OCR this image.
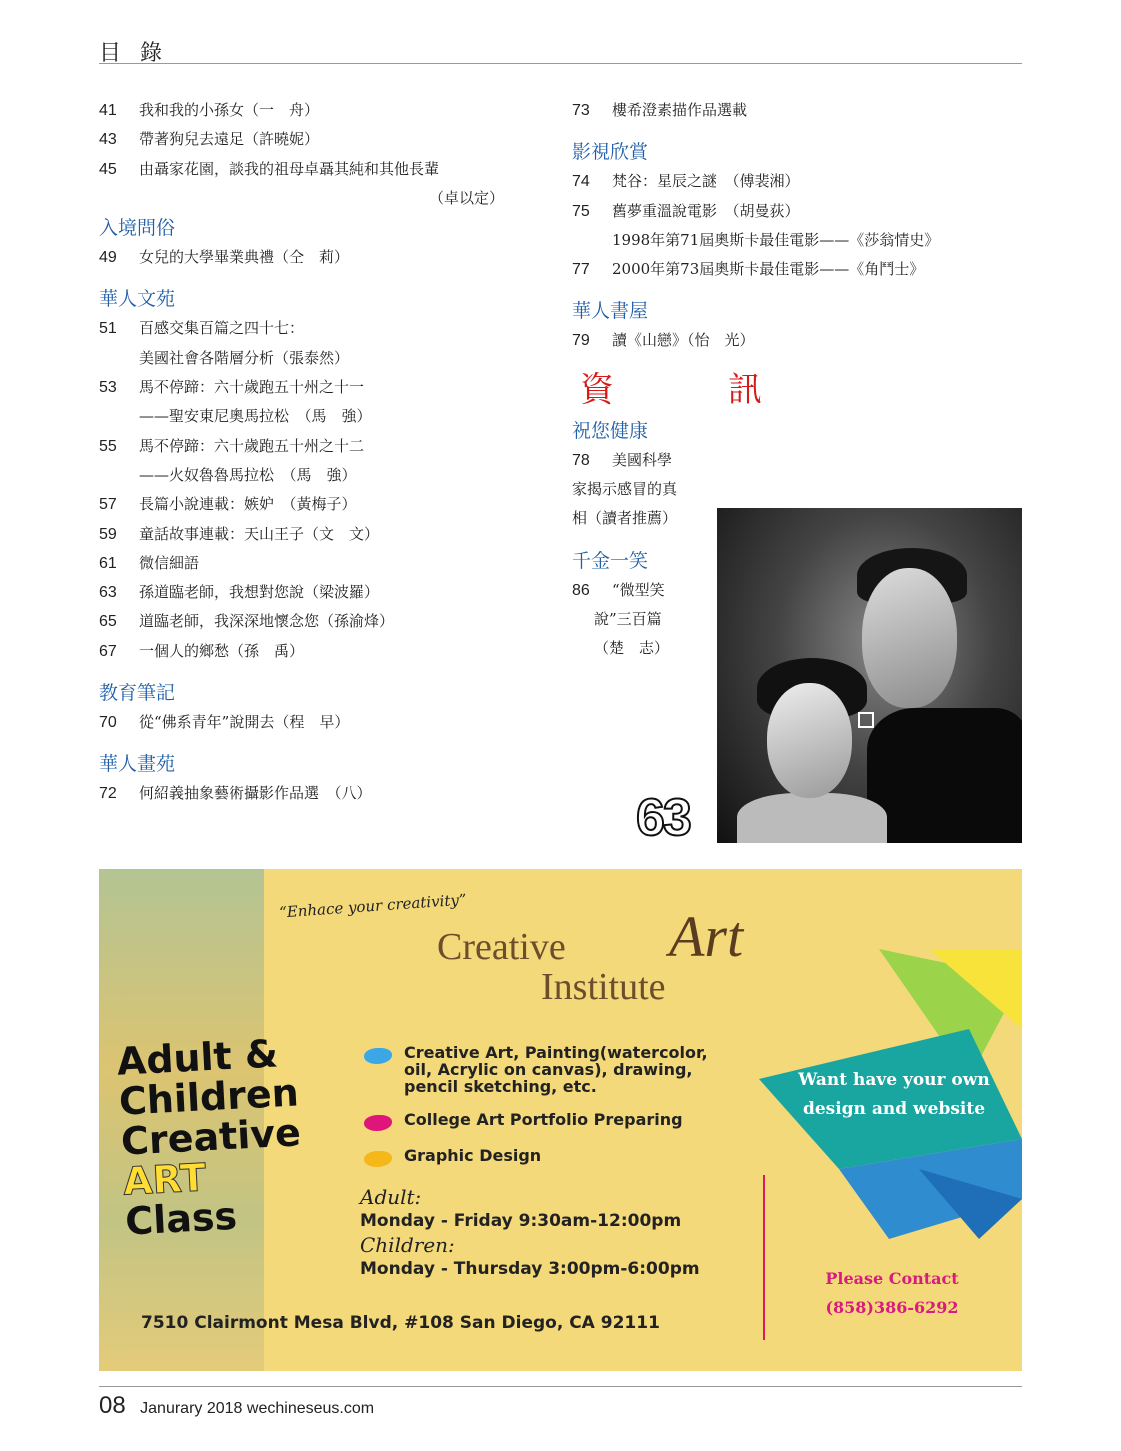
目 錄
41 我和我的小孫女（一　舟）
43 帶著狗兒去遠足（許曉妮）
45 由聶家花園，談我的祖母卓聶其純和其他長輩
（卓以定）
入境問俗
49 女兒的大學畢業典禮（仝　莉）
華人文苑
51 百感交集百篇之四十七：
美國社會各階層分析（張泰然）
53 馬不停蹄：六十歲跑五十州之十一
——聖安東尼奧馬拉松　（馬　強）
55 馬不停蹄：六十歲跑五十州之十二
——火奴魯魯馬拉松　（馬　強）
57 長篇小說連載：嫉妒　（黃梅子）
59 童話故事連載：天山王子（文　文）
61 微信細語
63 孫道臨老師，我想對您說（梁波羅）
65 道臨老師，我深深地懷念您（孫渝烽）
67 一個人的鄉愁（孫　禹）
教育筆記
70 從“佛系青年”說開去（程　早）
華人畫苑
72 何紹義抽象藝術攝影作品選　（八）
73 樓希澄素描作品選載
影視欣賞
74 梵谷：星辰之謎　（傅裴湘）
75 舊夢重溫說電影　（胡曼荻）
1998年第71屆奧斯卡最佳電影——《莎翁情史》
77 2000年第73屆奧斯卡最佳電影——《角鬥士》
華人書屋
79 讀《山戀》（怡　光）
資　訊
祝您健康
78 美國科學
家揭示感冒的真
相（讀者推薦）
千金一笑
86 “微型笑
說”三百篇
（楚　志）
63
“Enhace your creativity”	Art
Creative
Institute
Adult &
Children
Creative
ART
Class
Creative Art, Painting(watercolor, oil, Acrylic on canvas), drawing, pencil sketching, etc.
College Art Portfolio Preparing
Graphic Design
Adult:
Monday - Friday 9:30am-12:00pm
Children:
Monday - Thursday 3:00pm-6:00pm
7510 Clairmont Mesa Blvd, #108 San Diego, CA 92111
Want have your own design and website
Please Contact
(858)386-6292
08 Janurary 2018 wechineseus.com
